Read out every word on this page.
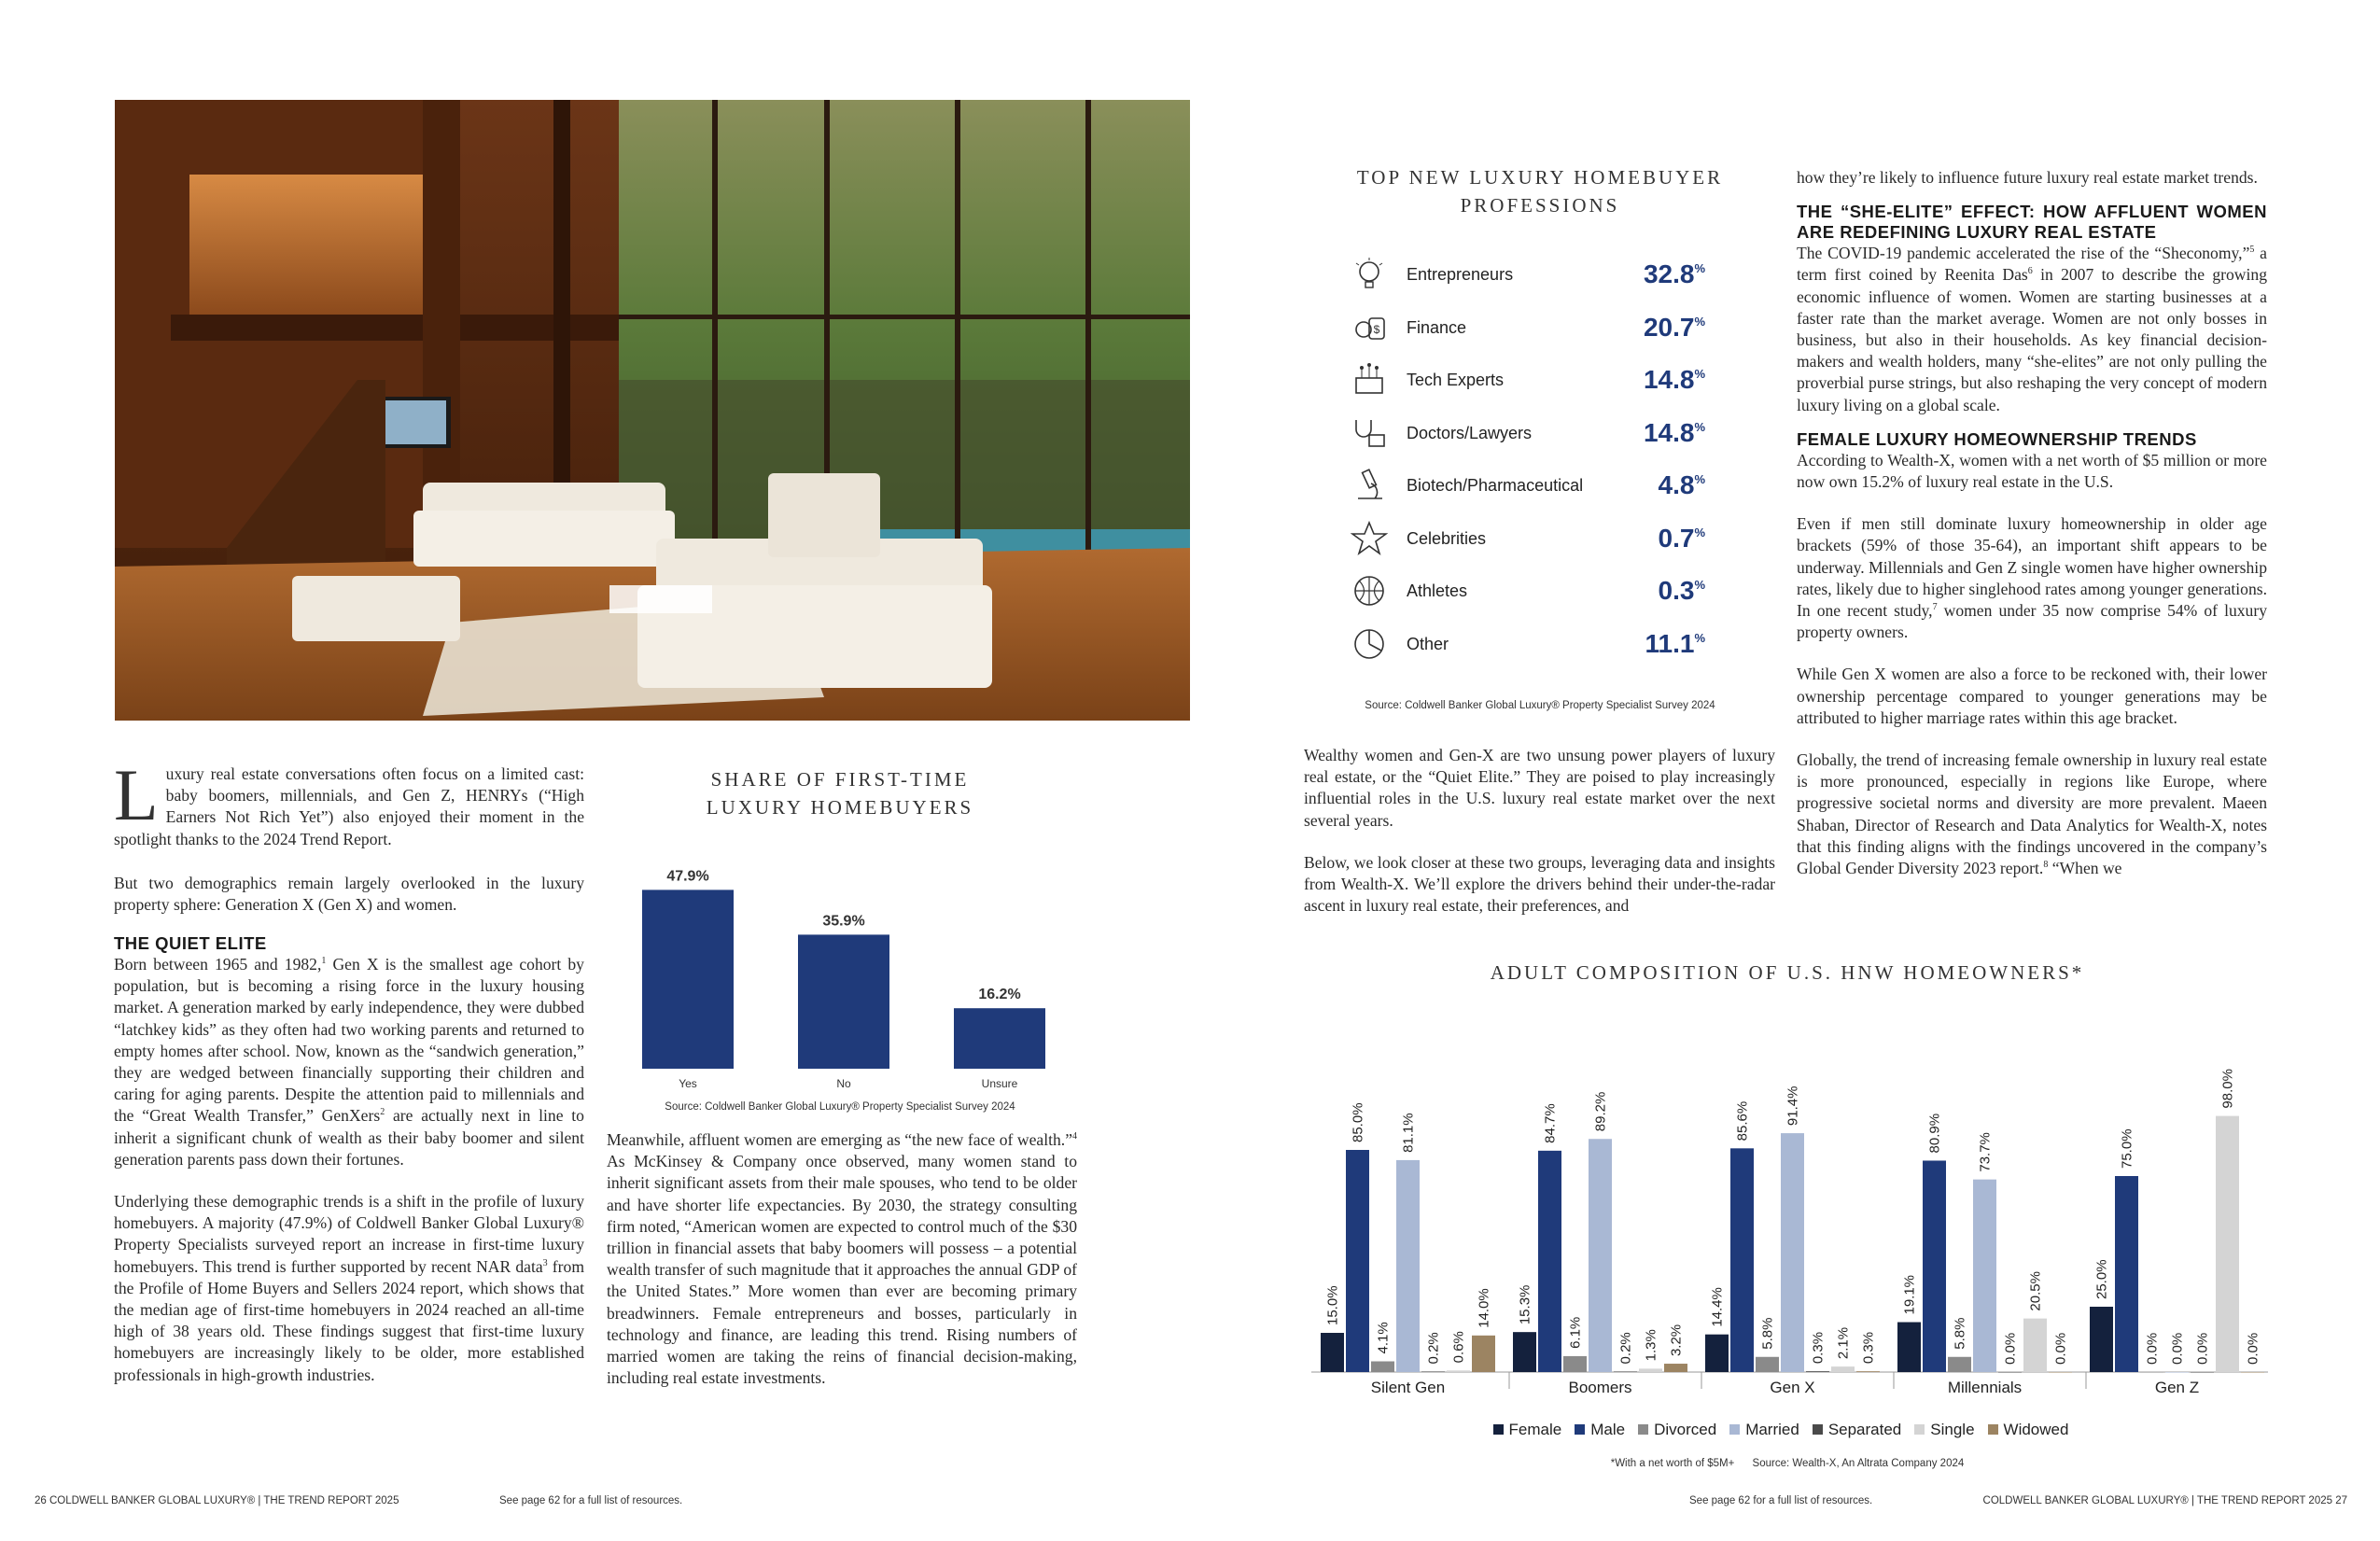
Luxury real estate conversations often focus on a limited cast: baby boomers, millennials, and Gen Z, HENRYs (“High Earners Not Rich Yet”) also enjoyed their moment in the spotlight thanks to the 2024 Trend Report.

But two demographics remain largely overlooked in the luxury property sphere: Generation X (Gen X) and women.

THE QUIET ELITE

Born between 1965 and 1982,$^1$ Gen X is the smallest age cohort by population, but is becoming a rising force in the luxury housing market. A generation marked by early independence, they were dubbed “latchkey kids” as they often had two working parents and returned to empty homes after school. Now, known as the “sandwich generation,” they are wedged between financially supporting their children and caring for aging parents. Despite the attention paid to millennials and the “Great Wealth Transfer,” GenXers$^2$ are actually next in line to inherit a significant chunk of wealth as their baby boomer and silent generation parents pass down their fortunes.

Underlying these demographic trends is a shift in the profile of luxury homebuyers. A majority (47.9%) of Coldwell Banker Global Luxury® Property Specialists surveyed report an increase in first-time luxury homebuyers. This trend is further supported by recent NAR data$^3$ from the Profile of Home Buyers and Sellers 2024 report, which shows that the median age of first-time homebuyers in 2024 reached an all-time high of 38 years old. These findings suggest that first-time luxury homebuyers are increasingly likely to be older, more established professionals in high-growth industries.

SHARE OF FIRST-TIME
LUXURY HOMEBUYERS
47.9%
Yes
35.9%
No
16.2%
Unsure
Source: Coldwell Banker Global Luxury® Property Specialist Survey 2024

Meanwhile, affluent women are emerging as “the new face of wealth.”$^4$ As McKinsey & Company once observed, many women stand to inherit significant assets from their male spouses, who tend to be older and have shorter life expectancies. By 2030, the strategy consulting firm noted, “American women are expected to control much of the $30 trillion in financial assets that baby boomers will possess – a potential wealth transfer of such magnitude that it approaches the annual GDP of the United States.” More women than ever are becoming primary breadwinners. Female entrepreneurs and bosses, particularly in technology and finance, are leading this trend. Rising numbers of married women are taking the reins of financial decision-making, including real estate investments.

26 COLDWELL BANKER GLOBAL LUXURY® | THE TREND REPORT 2025	See page 62 for a full list of resources.
TOP NEW LUXURY HOMEBUYER
PROFESSIONS
Entrepreneurs	32.8%
$ Finance	20.7%
Tech Experts	14.8%
Doctors/Lawyers	14.8%
Biotech/Pharmaceutical	4.8%
Celebrities	0.7%
Athletes	0.3%
Other	11.1%
Source: Coldwell Banker Global Luxury® Property Specialist Survey 2024

Wealthy women and Gen-X are two unsung power players of luxury real estate, or the “Quiet Elite.” They are poised to play increasingly influential roles in the U.S. luxury real estate market over the next several years.

Below, we look closer at these two groups, leveraging data and insights from Wealth-X. We’ll explore the drivers behind their under-the-radar ascent in luxury real estate, their preferences, and

how they’re likely to influence future luxury real estate market trends.

THE “SHE-ELITE” EFFECT: HOW AFFLUENT WOMEN ARE REDEFINING LUXURY REAL ESTATE

The COVID-19 pandemic accelerated the rise of the “Sheconomy,”$^5$ a term first coined by Reenita Das$^6$ in 2007 to describe the growing economic influence of women. Women are starting businesses at a faster rate than the market average. Women are not only bosses in business, but also in their households. As key financial decision-makers and wealth holders, many “she-elites” are not only pulling the proverbial purse strings, but also reshaping the very concept of modern luxury living on a global scale.

FEMALE LUXURY HOMEOWNERSHIP TRENDS

According to Wealth-X, women with a net worth of $5 million or more now own 15.2% of luxury real estate in the U.S.

Even if men still dominate luxury homeownership in older age brackets (59% of those 35-64), an important shift appears to be underway. Millennials and Gen Z single women have higher ownership rates, likely due to higher singlehood rates among younger generations. In one recent study,$^7$ women under 35 now comprise 54% of luxury property owners.

While Gen X women are also a force to be reckoned with, their lower ownership percentage compared to younger generations may be attributed to higher marriage rates within this age bracket.

Globally, the trend of increasing female ownership in luxury real estate is more pronounced, especially in regions like Europe, where progressive societal norms and diversity are more prevalent. Maeen Shaban, Director of Research and Data Analytics for Wealth-X, notes that this finding aligns with the findings uncovered in the company’s Global Gender Diversity 2023 report.$^8$ “When we

ADULT COMPOSITION OF U.S. HNW HOMEOWNERS*
15.0%
85.0%
4.1%
81.1%
0.2% 0.6%
14.0%
Silent Gen
15.3%
84.7%
6.1%
89.2%
0.2% 1.3% 3.2%
Boomers
14.4%
85.6%
5.8%
91.4%
0.3% 2.1% 0.3%
Gen X
19.1%
80.9%
5.8%
73.7%
0.0%
20.5%
0.0%
Millennials
25.0%
75.0%
0.0% 0.0% 0.0%
98.0%
0.0%
Gen Z
Female Male Divorced Married Separated Single Widowed
*With a net worth of $5M+ Source: Wealth-X, An Altrata Company 2024
See page 62 for a full list of resources.	COLDWELL BANKER GLOBAL LUXURY® | THE TREND REPORT 2025 27
